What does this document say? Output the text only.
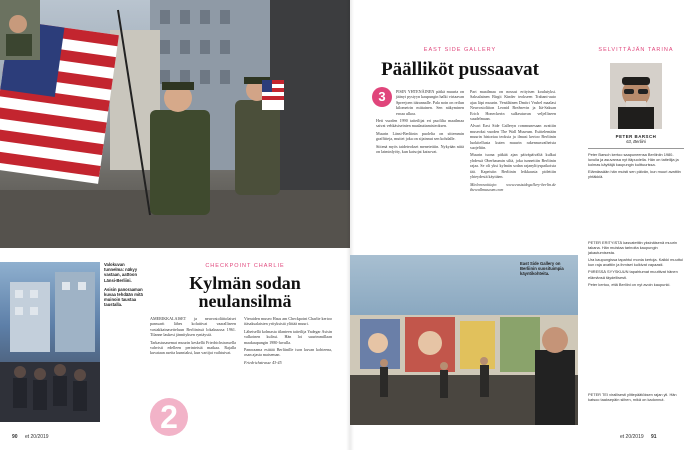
EAST SIDE GALLERY
Päälliköt pussaavat
3	PISIN YHTENÄINEN pätkä muuria on jäänyt pystyyn kaupungin halki virtaavan Spreejoen itärannalle. Pala noin on reilun kilometrin mittainen. Sen näkyminen eroaa ulkoa.

Heti vuoden 1990 taiteilijat eri puolilta maailmaa saivat vehkäsiseinien maalauttamisteoksen.

Muurin Länsi-Berliinin puolelta on sittemmin graffitteja, muttei joka on sijainnut sen kohdalle.

Siitenä myös taideteokset menetettiin. Nykyään niitä on laiminlyöty, kun katsojat katsovat.

Part maailmaa on nousut erityisen koulutyksi. Saksalainen Birgit Kinder teokseen Trabant-auto ajaa läpi muurin. Venäläinen Dmitri Vrubel maalasi Neuvostoliiton Leonid Brežnevin ja Itä-Saksan Erich Honeckerin sulkeutuvan veljelliseen suudelmaan.

Alvari East Side Galleryn rommunesaan avattiin museoksi vuoden The Wall Museum. Esittelemään muurin historiaa teoksia ja ilmasi kertoo Berliinin luokitellusta kuten muurin rakennusvaiheista suojeltiin.

Muurin tuona pitkää ajan päiväpäivältä kulkui yhdessä Oberbaumin siltä, joka tunnettiin Berliinin rajaa. Se oli yksi kylmän sodan rajanylityspaikoista tää. Kapeisiin Berliinin leikkausta pidettiin yhteydestä käyttäen.

Mielenosoittaja: www.eastsidegallery-berlin.de thewallmuseum.com

Valokuvan tunnelma: näkyy vastaan, aattoon Länsi-Berliini.
Asisin panoraaman kuvaa tehdään mitä muinoin taustaa taustalla.
CHECKPOINT CHARLIE
Kylmän sodan
neulansilmä

AMERIKKALAISET ja neuvostoliittolaiset panssarit lähes koluttivat vaaralliseen vastakkainasetteluun Berliinissä lokakuussa 1961. Tilanne laukesi jännityksen ryntäystä.

Tarkastusasemat muurin keskellä Friedrichstrassella vahvisti edelleen perinteistä matkaa. Rajalla kuvataan aseita kunniaksi, kun vartijat vaihtuivat.

Vieraiden museo Haus am Checkpoint Charlie kertoo itäsaksalaisten yrityksistä ylittää muuri.

Läheisellä kolmasta tilanteen taiteilija Yadegar Asisin valkoinen kulissi. Hän loi suurimmillaan maakaupungin 1980-luvulla.

Panoraama esittää Berliinille ison kuvan kohteena, osan ajasta maiseman.

Friedrichstrasse 43-45

2
90 et 20/2019
SELVITTÄJÄN TARINA
PETER BARSCH
63, Berliini

Peter Barsch kertoo saapuneensa Berliiniin 1980-luvulla ja asuvansa nyt itäpuolella. Hän on taiteilija ja kolmas käyttäjä kaupungin kulttuurissa.

Elämässään hän muisti sen päivän, kun muuri avattiin yhtäkkiä.

East Side Gallery on Berliinin suosituimpia käyntikohteita.

PETER ERITYISTÄ kasvatettiin yksinäisenä muurin takana. Hän muistaa tarinoita kaupungin jakautumisesta.

Ura kaupungissa tapahtui monia kertoja. Kaikki muuttui kun raja avattiin ja ihmiset kulkivat vapaasti.

PIIRESSÄ SYYSKUUN tapahtumat muuttivat hänen elämänsä täydellisesti.

Peter kertoo, että Berliini on nyt avoin kaupunki.

PETER TEI virallisesti ylitiepäätöksen rajan yli. Hän katsoo taaksepäin siihen, mikä on kadonnut.

et 20/2019 91
